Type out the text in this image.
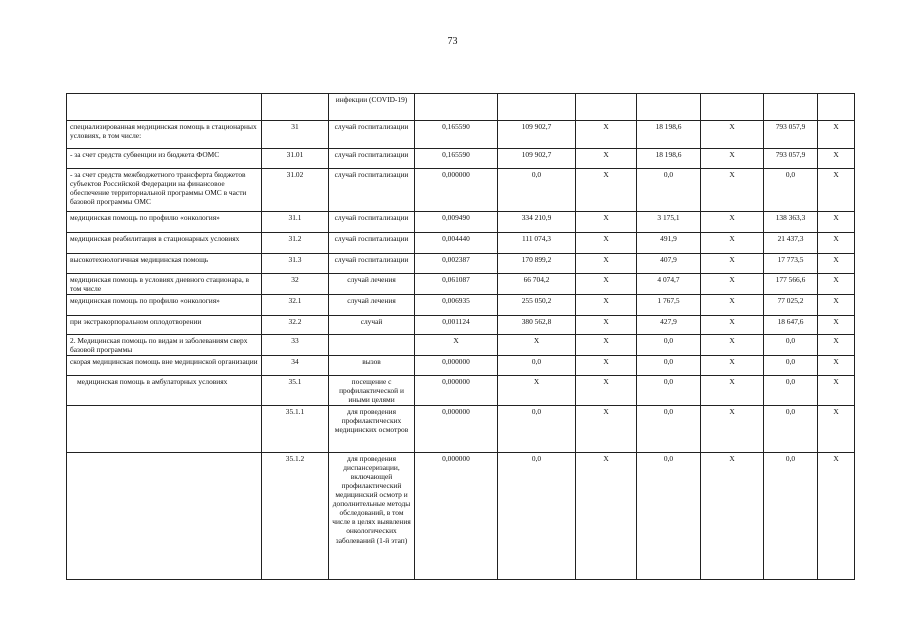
73
		инфекции (COVID-19)							
специализированная медицинская помощь в стационарных условиях, в том числе:	31	случай госпитализации	0,165590	109 902,7	X	18 198,6	X	793 057,9	X
- за счет средств субвенции из бюджета ФОМС	31.01	случай госпитализации	0,165590	109 902,7	X	18 198,6	X	793 057,9	X
- за счет средств межбюджетного трансферта бюджетов субъектов Российской Федерации на финансовое обеспечение территориальной программы ОМС в части базовой программы ОМС	31.02	случай госпитализации	0,000000	0,0	X	0,0	X	0,0	X
медицинская помощь по профилю «онкология»	31.1	случай госпитализации	0,009490	334 210,9	X	3 175,1	X	138 363,3	X
медицинская реабилитация в стационарных условиях	31.2	случай госпитализации	0,004440	111 074,3	X	491,9	X	21 437,3	X
высокотехнологичная медицинская помощь	31.3	случай госпитализации	0,002387	170 899,2	X	407,9	X	17 773,5	X
медицинская помощь в условиях дневного стационара, в том числе	32	случай лечения	0,061087	66 704,2	X	4 074,7	X	177 566,6	X
медицинская помощь по профилю «онкология»	32.1	случай лечения	0,006935	255 050,2	X	1 767,5	X	77 025,2	X
при экстракорпоральном оплодотворении	32.2	случай	0,001124	380 562,8	X	427,9	X	18 647,6	X
2. Медицинская помощь по видам и заболеваниям сверх базовой программы	33		X	X	X	0,0	X	0,0	X
скорая медицинская помощь вне медицинской организации	34	вызов	0,000000	0,0	X	0,0	X	0,0	X
медицинская помощь в амбулаторных условиях	35.1	посещение с профилактической и иными целями	0,000000	X	X	0,0	X	0,0	X
	35.1.1	для проведения профилактических медицинских осмотров	0,000000	0,0	X	0,0	X	0,0	X
	35.1.2	для проведения диспансеризации, включающей профилактический медицинский осмотр и дополнительные методы обследований, в том числе в целях выявления онкологических заболеваний (1-й этап)	0,000000	0,0	X	0,0	X	0,0	X
